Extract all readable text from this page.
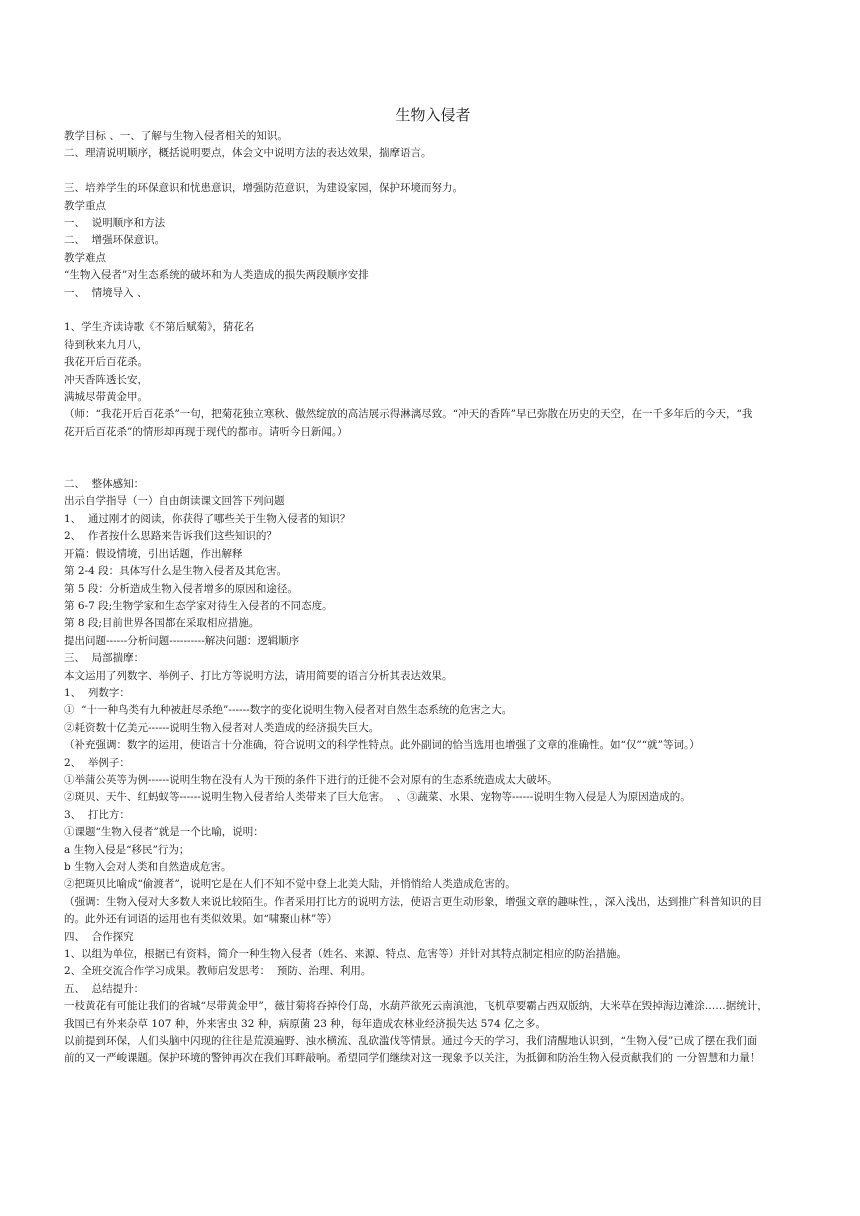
生物入侵者
教学目标 、一、了解与生物入侵者相关的知识。
二、理清说明顺序，概括说明要点，体会文中说明方法的表达效果，揣摩语言。
三、培养学生的环保意识和忧患意识，增强防范意识，为建设家园，保护环境而努力。
教学重点
一、  说明顺序和方法
二、  增强环保意识。
教学难点
“生物入侵者”对生态系统的破坏和为人类造成的损失两段顺序安排
一、  情境导入 、
1、学生齐读诗歌《不第后赋菊》，猜花名
待到秋来九月八，
我花开后百花杀。
冲天香阵透长安，
满城尽带黄金甲。
（师：“我花开后百花杀”一句，把菊花独立寒秋、傲然绽放的高洁展示得淋漓尽致。“冲天的香阵”早已弥散在历史的天空，在一千多年后的今天，“我
花开后百花杀”的情形却再现于现代的都市。请听今日新闻。）
二、  整体感知：
出示自学指导（一）自由朗读课文回答下列问题
1、  通过刚才的阅读，你获得了哪些关于生物入侵者的知识？
2、  作者按什么思路来告诉我们这些知识的？
开篇：假设情境，引出话题，作出解释
第 2-4 段：具体写什么是生物入侵者及其危害。
第 5 段：分析造成生物入侵者增多的原因和途径。
第 6-7 段;生物学家和生态学家对待生入侵者的不同态度。
第 8 段;目前世界各国都在采取相应措施。
提出问题------分析问题----------解决问题：逻辑顺序
三、  局部揣摩：
本文运用了列数字、举例子、打比方等说明方法，请用简要的语言分析其表达效果。
1、  列数字：
①  “十一种鸟类有九种被赶尽杀绝”------数字的变化说明生物入侵者对自然生态系统的危害之大。
②耗资数十亿美元------说明生物入侵者对人类造成的经济损失巨大。
（补充强调：数字的运用，使语言十分准确，符合说明文的科学性特点。此外副词的恰当选用也增强了文章的准确性。如“仅”“就”等词。）
2、  举例子：
①举蒲公英等为例------说明生物在没有人为干预的条件下进行的迁徙不会对原有的生态系统造成太大破坏。
②斑贝、天牛、红蚂蚁等------说明生物入侵者给人类带来了巨大危害。  、③蔬菜、水果、宠物等------说明生物入侵是人为原因造成的。
3、  打比方：
①课题“生物入侵者”就是一个比喻，说明：
a 生物入侵是“移民”行为；
b 生物入会对人类和自然造成危害。
②把斑贝比喻成“偷渡者”，说明它是在人们不知不觉中登上北美大陆，并悄悄给人类造成危害的。
（强调：生物入侵对大多数人来说比较陌生。作者采用打比方的说明方法，使语言更生动形象，增强文章的趣味性，，深入浅出，达到推广科普知识的目
的。此外还有词语的运用也有类似效果。如“啸聚山林”等）
四、  合作探究
1、以组为单位，根据已有资料，简介一种生物入侵者（姓名、来源、特点、危害等）并针对其特点制定相应的防治措施。
2、全班交流合作学习成果。教师启发思考：  预防、治理、利用。
五、  总结提升：
一枝黄花有可能让我们的省城“尽带黄金甲”，薇甘菊将吞掉伶仃岛，水葫芦欲死云南滇池，飞机草要霸占西双版纳，大米草在毁掉海边滩涂……据统计，
我国已有外来杂草 107 种，外来害虫 32 种，病原菌 23 种，每年造成农林业经济损失达 574 亿之多。
以前提到环保，人们头脑中闪现的往往是荒漠遍野、浊水横流、乱砍滥伐等情景。通过今天的学习，我们清醒地认识到，“生物入侵”已成了摆在我们面
前的又一严峻课题。保护环境的警钟再次在我们耳畔敲响。希望同学们继续对这一现象予以关注，为抵御和防治生物入侵贡献我们的 一分智慧和力量！
